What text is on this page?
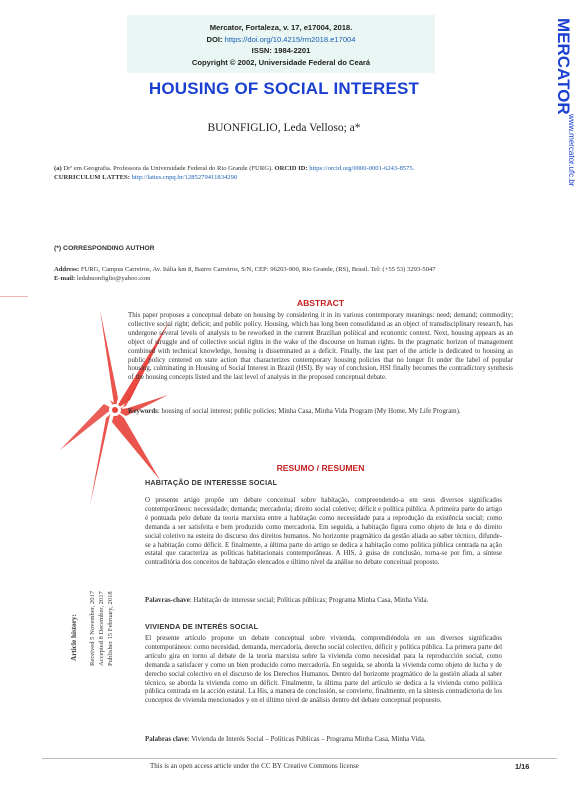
Mercator, Fortaleza, v. 17, e17004, 2018.
DOI: https://doi.org/10.4215/rm2018.e17004
ISSN: 1984-2201
Copyright © 2002, Universidade Federal do Ceará	MERCATOR
www.mercator.ufc.br
HOUSING OF SOCIAL INTEREST
BUONFIGLIO, Leda Velloso; a*
(a) Drª em Geografia. Professora da Universidade Federal do Rio Grande (FURG). ORCID ID: https://orcid.org/0000-0001-6243-8575.
CURRICULUM LATTES: http://lattes.cnpq.br/1285279411834290
(*) CORRESPONDING AUTHOR
Address: FURG, Campus Carreiros, Av. Itália km 8, Bairro Carreiros, S/N, CEP: 96203-900, Rio Grande, (RS), Brasil. Tel: (+55 53) 3293-5047
E-mail: ledabuonfiglio@yahoo.com
ABSTRACT
This paper proposes a conceptual debate on housing by considering it in its various contemporary meanings: need; demand; commodity; collective social right; deficit; and public policy. Housing, which has long been consolidated as an object of transdisciplinary research, has undergone several levels of analysis to be reworked in the current Brazilian political and economic context. Next, housing appears as an object of struggle and of collective social rights in the wake of the discourse on human rights. In the pragmatic horizon of management combined with technical knowledge, housing is disseminated as a deficit. Finally, the last part of the article is dedicated to housing as public policy centered on state action that characterizes contemporary housing policies that no longer fit under the label of popular housing, culminating in Housing of Social Interest in Brazil (HSI). By way of conclusion, HSI finally becomes the contradictory synthesis of the housing concepts listed and the last level of analysis in the proposed conceptual debate.
Keywords: housing of social interest; public policies; Minha Casa, Minha Vida Program (My Home, My Life Program).
RESUMO / RESUMEN
HABITAÇÃO DE INTERESSE SOCIAL
O presente artigo propõe um debate conceitual sobre habitação, compreendendo-a em seus diversos significados contemporâneos: necessidade; demanda; mercadoria; direito social coletivo; déficit e política pública. A primeira parte do artigo é pontuada pelo debate da teoria marxista entre a habitação como necessidade para a reprodução da existência social; como demanda a ser satisfeita e bem produzido como mercadoria. Em seguida, a habitação figura como objeto de luta e do direito social coletivo na esteira do discurso dos direitos humanos. No horizonte pragmático da gestão aliada ao saber técnico, difunde-se a habitação como déficit. E finalmente, a última parte do artigo se dedica a habitação como política pública centrada na ação estatal que caracteriza as políticas habitacionais contemporâneas. A HIS, à guisa de conclusão, torna-se por fim, a síntese contraditória dos conceitos de habitação elencados e último nível da análise no debate conceitual proposto.
Palavras-chave: Habitação de interesse social; Políticas públicas; Programa Minha Casa, Minha Vida.
VIVIENDA DE INTERÉS SOCIAL
El presente artículo propone un debate conceptual sobre vivienda, comprendiéndola en sus diversos significados contemporáneos: como necesidad, demanda, mercadoría, derecho social colectivo, déficit y política pública. La primera parte del artículo gira en torno al debate de la teoría marxista sobre la vivienda como necesidad para la reproducción social, como demanda a satisfacer y como un bien producido como mercadoría. En seguida, se aborda la vivienda como objeto de lucha y de derecho social colectivo en el discurso de los Derechos Humanos. Dentro del horizonte pragmático de la gestión aliada al saber técnico, se aborda la vivienda como un déficit. Finalmente, la última parte del artículo se dedica a la vivienda como política pública centrada en la acción estatal. La His, a manera de conclusión, se convierte, finalmente, en la síntesis contradictoria de los conceptos de vivienda mencionados y en el último nivel de análisis dentro del debate conceptual propuesto.
Palabras clave: Vivienda de Interés Social – Políticas Públicas – Programa Minha Casa, Minha Vida.
Article history: Received 5 November, 2017 Accepted 8 December, 2017 Publisher 15 February, 2018
This is an open access article under the CC BY Creative Commons license	1/16
